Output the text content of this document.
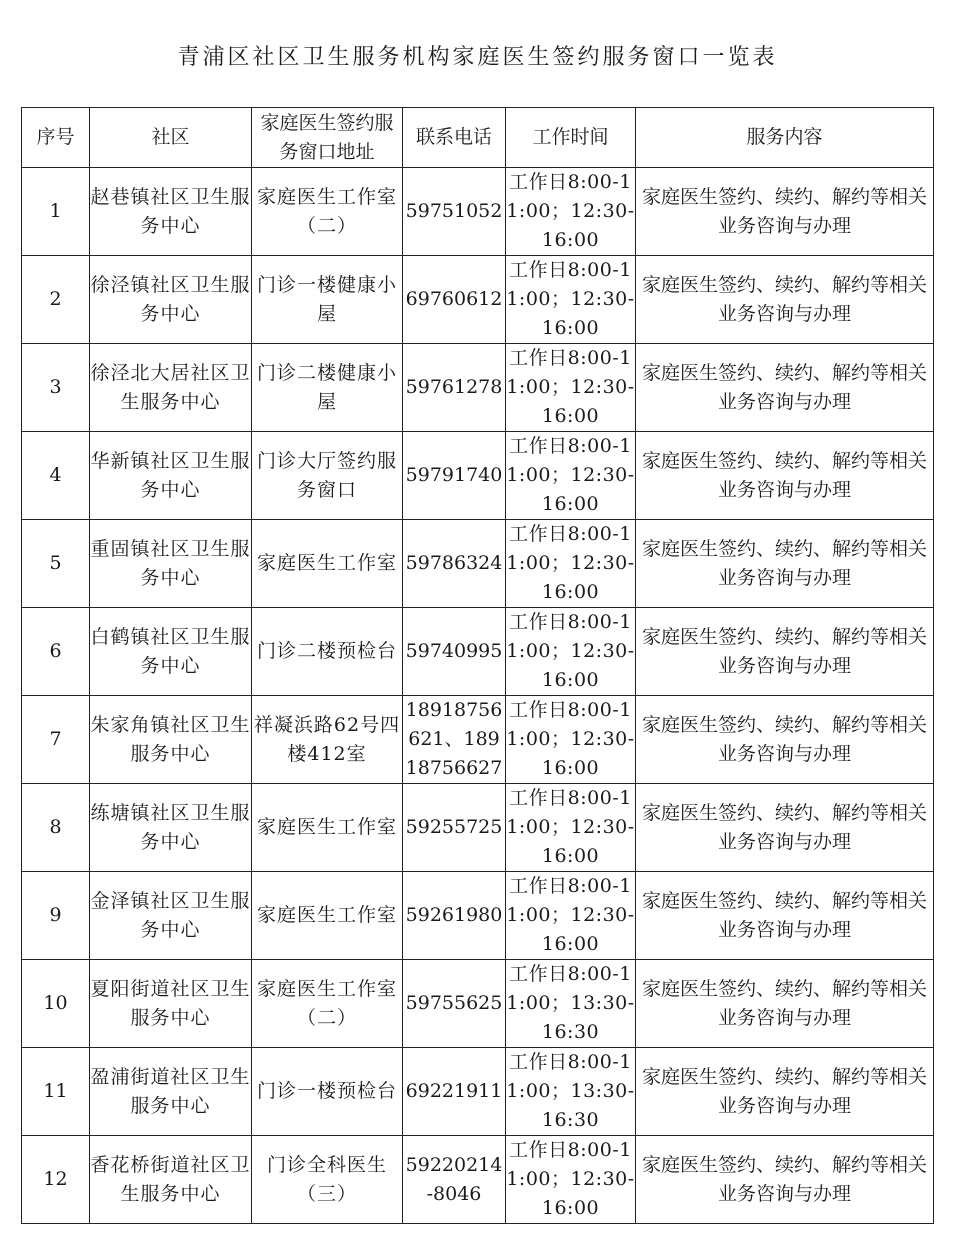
青浦区社区卫生服务机构家庭医生签约服务窗口一览表
序号	社区	家庭医生签约服务窗口地址	联系电话	工作时间	服务内容
1	赵巷镇社区卫生服务中心	家庭医生工作室（二）	59751052	工作日8:00-11:00；12:30-16:00	家庭医生签约、续约、解约等相关业务咨询与办理
2	徐泾镇社区卫生服务中心	门诊一楼健康小屋	69760612	工作日8:00-11:00；12:30-16:00	家庭医生签约、续约、解约等相关业务咨询与办理
3	徐泾北大居社区卫生服务中心	门诊二楼健康小屋	59761278	工作日8:00-11:00；12:30-16:00	家庭医生签约、续约、解约等相关业务咨询与办理
4	华新镇社区卫生服务中心	门诊大厅签约服务窗口	59791740	工作日8:00-11:00；12:30-16:00	家庭医生签约、续约、解约等相关业务咨询与办理
5	重固镇社区卫生服务中心	家庭医生工作室	59786324	工作日8:00-11:00；12:30-16:00	家庭医生签约、续约、解约等相关业务咨询与办理
6	白鹤镇社区卫生服务中心	门诊二楼预检台	59740995	工作日8:00-11:00；12:30-16:00	家庭医生签约、续约、解约等相关业务咨询与办理
7	朱家角镇社区卫生服务中心	祥凝浜路62号四楼412室	18918756621、18918756627	工作日8:00-11:00；12:30-16:00	家庭医生签约、续约、解约等相关业务咨询与办理
8	练塘镇社区卫生服务中心	家庭医生工作室	59255725	工作日8:00-11:00；12:30-16:00	家庭医生签约、续约、解约等相关业务咨询与办理
9	金泽镇社区卫生服务中心	家庭医生工作室	59261980	工作日8:00-11:00；12:30-16:00	家庭医生签约、续约、解约等相关业务咨询与办理
10	夏阳街道社区卫生服务中心	家庭医生工作室（二）	59755625	工作日8:00-11:00；13:30-16:30	家庭医生签约、续约、解约等相关业务咨询与办理
11	盈浦街道社区卫生服务中心	门诊一楼预检台	69221911	工作日8:00-11:00；13:30-16:30	家庭医生签约、续约、解约等相关业务咨询与办理
12	香花桥街道社区卫生服务中心	门诊全科医生（三）	59220214-8046	工作日8:00-11:00；12:30-16:00	家庭医生签约、续约、解约等相关业务咨询与办理
